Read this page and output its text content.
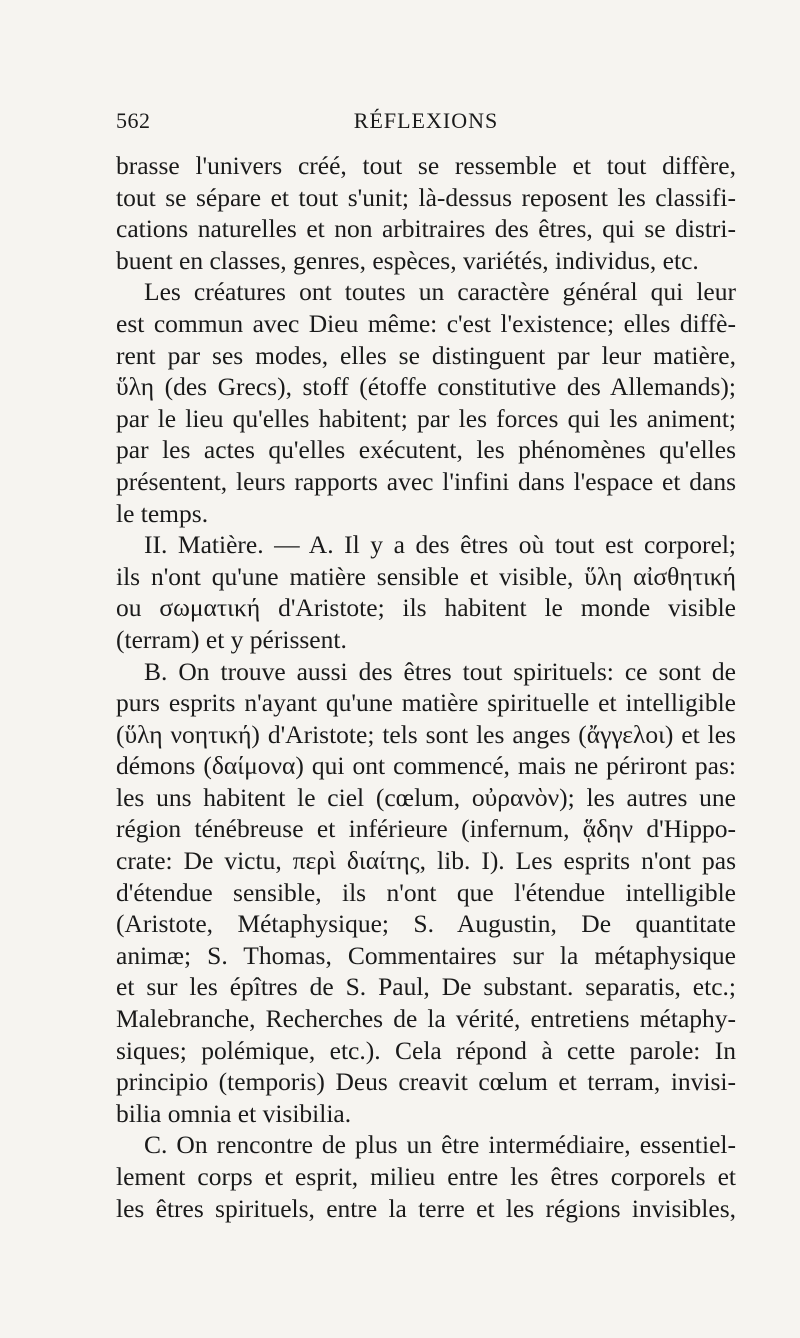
562	RÉFLEXIONS
brasse l'univers créé, tout se ressemble et tout diffère,
tout se sépare et tout s'unit; là-dessus reposent les classifi-
cations naturelles et non arbitraires des êtres, qui se distri-
buent en classes, genres, espèces, variétés, individus, etc.
Les créatures ont toutes un caractère général qui leur
est commun avec Dieu même: c'est l'existence; elles diffè-
rent par ses modes, elles se distinguent par leur matière,
ὕλη (des Grecs), stoff (étoffe constitutive des Allemands);
par le lieu qu'elles habitent; par les forces qui les animent;
par les actes qu'elles exécutent, les phénomènes qu'elles
présentent, leurs rapports avec l'infini dans l'espace et dans
le temps.
II. Matière. — A. Il y a des êtres où tout est corporel;
ils n'ont qu'une matière sensible et visible, ὕλη αἰσθητική
ou σωματική d'Aristote; ils habitent le monde visible
(terram) et y périssent.
B. On trouve aussi des êtres tout spirituels: ce sont de
purs esprits n'ayant qu'une matière spirituelle et intelligible
(ὕλη νοητική) d'Aristote; tels sont les anges (ἄγγελοι) et les
démons (δαίμονα) qui ont commencé, mais ne périront pas:
les uns habitent le ciel (cœlum, οὐρανὸν); les autres une
région ténébreuse et inférieure (infernum, ᾅδην d'Hippo-
crate: De victu, περὶ διαίτης, lib. I). Les esprits n'ont pas
d'étendue sensible, ils n'ont que l'étendue intelligible
(Aristote, Métaphysique; S. Augustin, De quantitate
animæ; S. Thomas, Commentaires sur la métaphysique
et sur les épîtres de S. Paul, De substant. separatis, etc.;
Malebranche, Recherches de la vérité, entretiens métaphy-
siques; polémique, etc.). Cela répond à cette parole: In
principio (temporis) Deus creavit cœlum et terram, invisi-
bilia omnia et visibilia.
C. On rencontre de plus un être intermédiaire, essentiel-
lement corps et esprit, milieu entre les êtres corporels et
les êtres spirituels, entre la terre et les régions invisibles,
